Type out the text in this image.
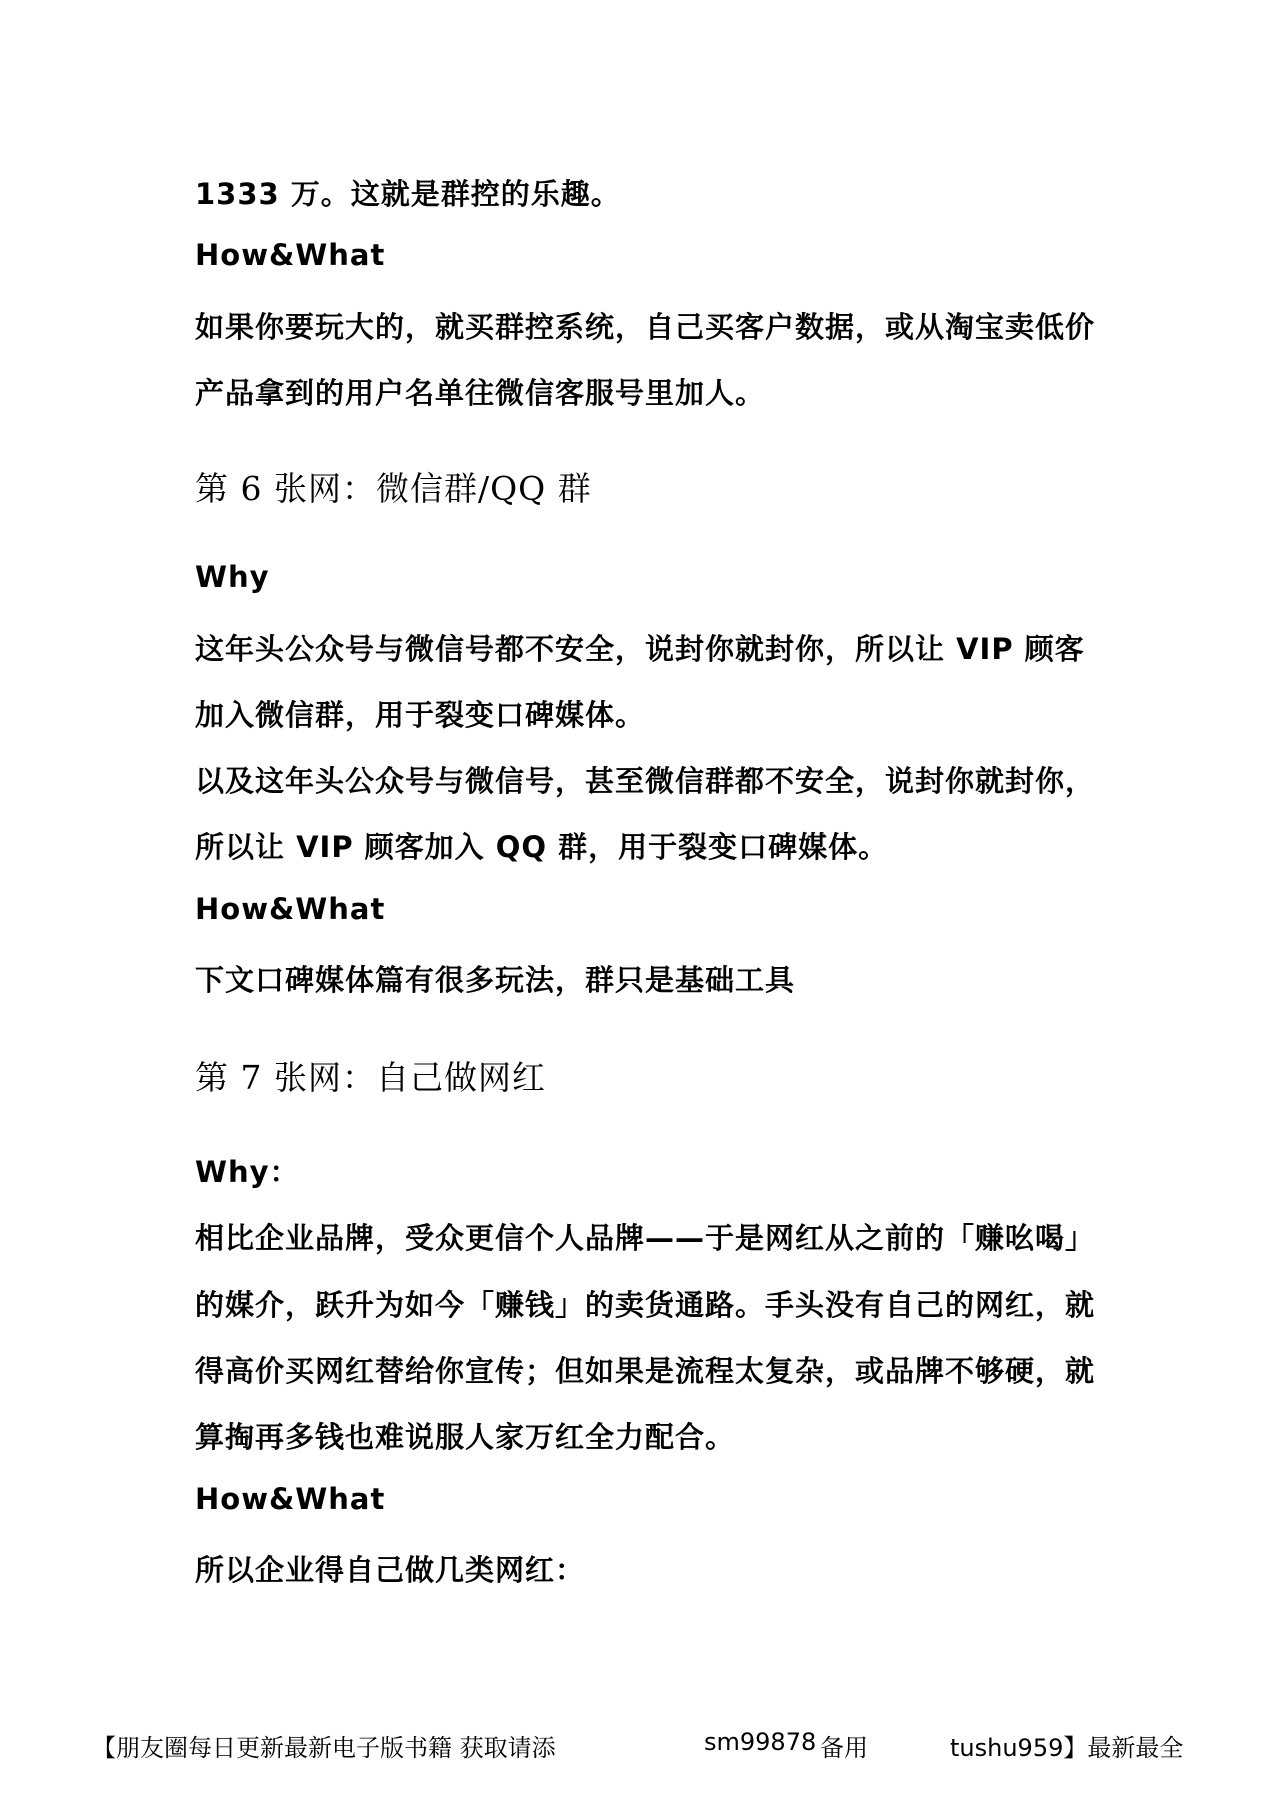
1333 万。这就是群控的乐趣。

How&What

如果你要玩大的，就买群控系统，自己买客户数据，或从淘宝卖低价

产品拿到的用户名单往微信客服号里加人。

第 6 张网：微信群/QQ 群

Why

这年头公众号与微信号都不安全，说封你就封你，所以让 VIP 顾客

加入微信群，用于裂变口碑媒体。

以及这年头公众号与微信号，甚至微信群都不安全，说封你就封你，

所以让 VIP 顾客加入 QQ 群，用于裂变口碑媒体。

How&What

下文口碑媒体篇有很多玩法，群只是基础工具

第 7 张网：自己做网红

Why：

相比企业品牌，受众更信个人品牌——于是网红从之前的「赚吆喝」

的媒介，跃升为如今「赚钱」的卖货通路。手头没有自己的网红，就

得高价买网红替给你宣传；但如果是流程太复杂，或品牌不够硬，就

算掏再多钱也难说服人家万红全力配合。

How&What

所以企业得自己做几类网红：

【朋友圈每日更新最新电子版书籍 获取请添	sm99878 备用	tushu959】最新最全
